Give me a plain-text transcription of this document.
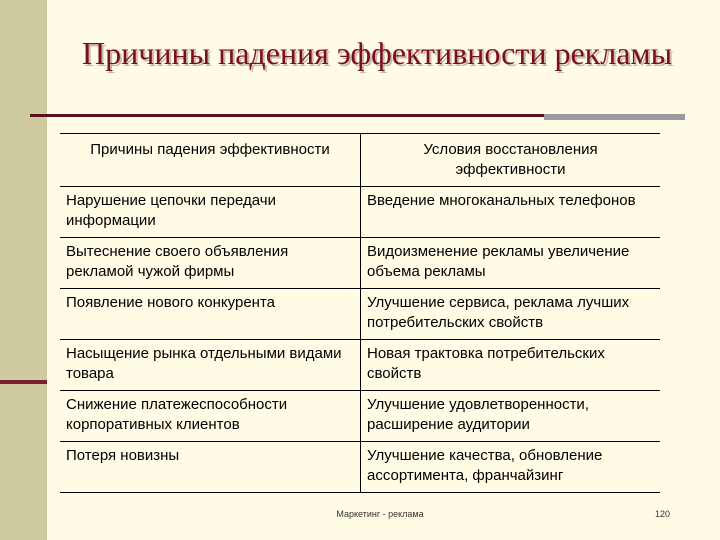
Причины падения эффективности рекламы
Причины падения эффективности	Условия восстановления эффективности
Нарушение цепочки передачи информации	Введение многоканальных телефонов
Вытеснение своего объявления рекламой чужой фирмы	Видоизменение рекламы увеличение объема рекламы
Появление нового конкурента	Улучшение сервиса, реклама лучших потребительских свойств
Насыщение рынка отдельными видами товара	Новая трактовка потребительских свойств
Снижение платежеспособности корпоративных клиентов	Улучшение удовлетворенности, расширение аудитории
Потеря новизны	Улучшение качества, обновление ассортимента, франчайзинг
Маркетинг - реклама	120
